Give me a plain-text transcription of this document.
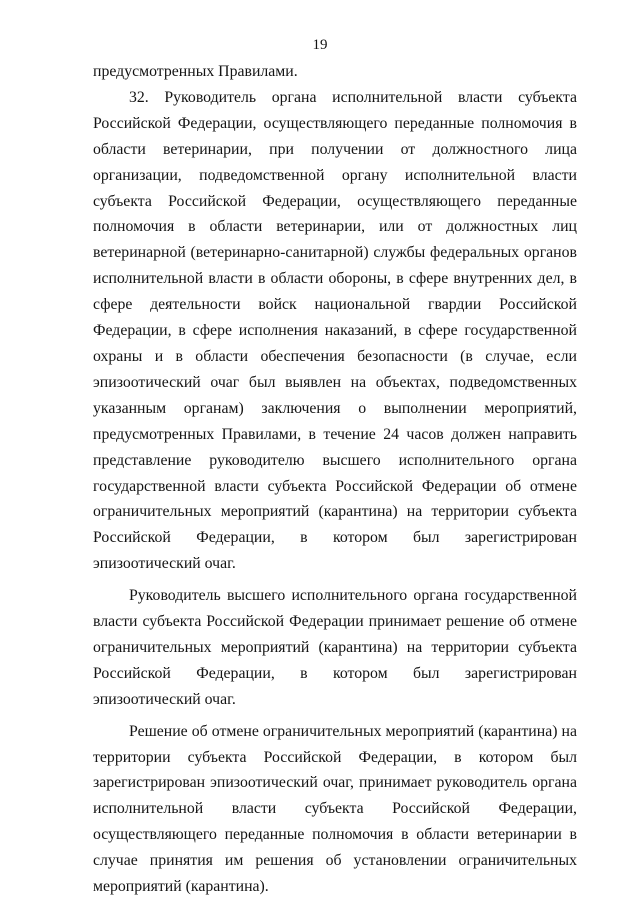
19

предусмотренных Правилами.

32. Руководитель органа исполнительной власти субъекта Российской Федерации, осуществляющего переданные полномочия в области ветеринарии, при получении от должностного лица организации, подведомственной органу исполнительной власти субъекта Российской Федерации, осуществляющего переданные полномочия в области ветеринарии, или от должностных лиц ветеринарной (ветеринарно-санитарной) службы федеральных органов исполнительной власти в области обороны, в сфере внутренних дел, в сфере деятельности войск национальной гвардии Российской Федерации, в сфере исполнения наказаний, в сфере государственной охраны и в области обеспечения безопасности (в случае, если эпизоотический очаг был выявлен на объектах, подведомственных указанным органам) заключения о выполнении мероприятий, предусмотренных Правилами, в течение 24 часов должен направить представление руководителю высшего исполнительного органа государственной власти субъекта Российской Федерации об отмене ограничительных мероприятий (карантина) на территории субъекта Российской Федерации, в котором был зарегистрирован эпизоотический очаг.

Руководитель высшего исполнительного органа государственной власти субъекта Российской Федерации принимает решение об отмене ограничительных мероприятий (карантина) на территории субъекта Российской Федерации, в котором был зарегистрирован эпизоотический очаг.

Решение об отмене ограничительных мероприятий (карантина) на территории субъекта Российской Федерации, в котором был зарегистрирован эпизоотический очаг, принимает руководитель органа исполнительной власти субъекта Российской Федерации, осуществляющего переданные полномочия в области ветеринарии в случае принятия им решения об установлении ограничительных мероприятий (карантина).
